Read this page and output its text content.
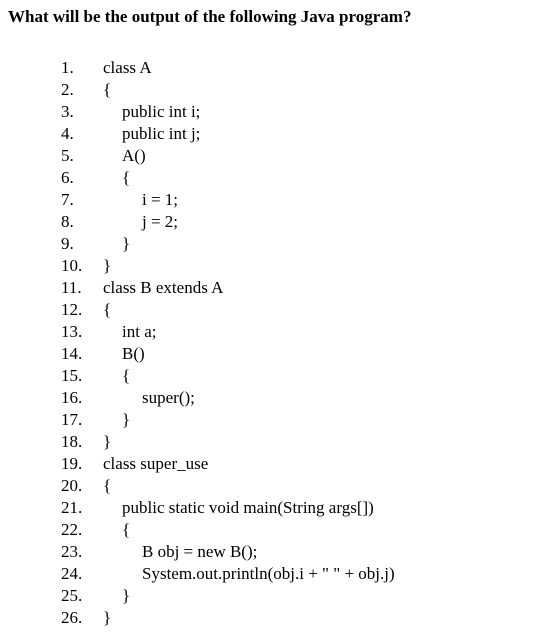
What will be the output of the following Java program?
1. class A
2. {
3.	public int i;
4.	public int j;
5.	A()
6.	{
7.	i = 1;
8.	j = 2;
9.	}
10. }
11. class B extends A
12. {
13. int a;
14. B()
15. {
16.	super();
17. }
18. }
19. class super_use
20. {
21. public static void main(String args[])
22. {
23.	B obj = new B();
24.	System.out.println(obj.i + " " + obj.j)
25. }
26. }
